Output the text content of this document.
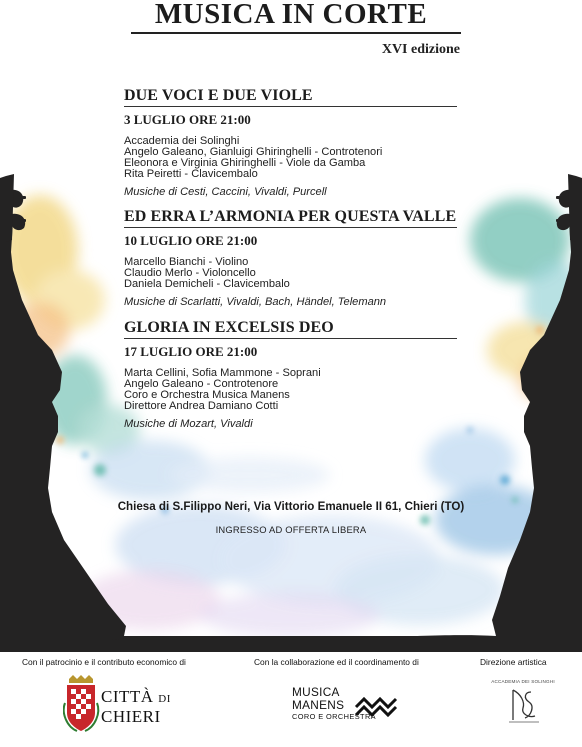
MUSICA IN CORTE
XVI edizione
DUE VOCI E DUE VIOLE
3 LUGLIO ORE 21:00
Accademia dei Solinghi
Angelo Galeano, Gianluigi Ghiringhelli - Controtenori
Eleonora e Virginia Ghiringhelli - Viole da Gamba
Rita Peiretti - Clavicembalo
Musiche di Cesti, Caccini, Vivaldi, Purcell
ED ERRA L’ARMONIA PER QUESTA VALLE
10 LUGLIO ORE 21:00
Marcello Bianchi - Violino
Claudio Merlo - Violoncello
Daniela Demicheli - Clavicembalo
Musiche di Scarlatti, Vivaldi, Bach, Händel, Telemann
GLORIA IN EXCELSIS DEO
17 LUGLIO ORE 21:00
Marta Cellini, Sofia Mammone - Soprani
Angelo Galeano - Controtenore
Coro e Orchestra Musica Manens
Direttore Andrea Damiano Cotti
Musiche di Mozart, Vivaldi
Chiesa di S.Filippo Neri, Via Vittorio Emanuele II 61, Chieri (TO)
INGRESSO AD OFFERTA LIBERA
Con il patrocinio e il contributo economico di	Con la collaborazione ed il coordinamento di	Direzione artistica
CITTÀ DI
CHIERI
MUSICA
MANENS
CORO E ORCHESTRA
ACCADEMIA DEI SOLINGHI
